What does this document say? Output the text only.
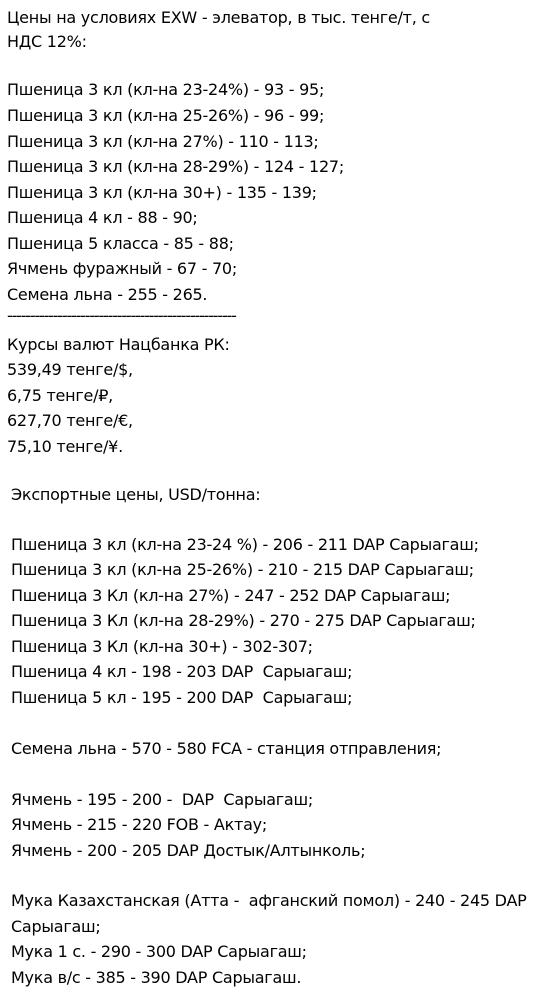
Цены на условиях EXW - элеватор, в тыс. тенге/т, с
НДС 12%:
Пшеница 3 кл (кл-на 23-24%) - 93 - 95;
Пшеница 3 кл (кл-на 25-26%) - 96 - 99;
Пшеница 3 кл (кл-на 27%) - 110 - 113;
Пшеница 3 кл (кл-на 28-29%) - 124 - 127;
Пшеница 3 кл (кл-на 30+) - 135 - 139;
Пшеница 4 кл - 88 - 90;
Пшеница 5 класса - 85 - 88;
Ячмень фуражный - 67 - 70;
Семена льна - 255 - 265.
--------------------------------------------------
Курсы валют Нацбанка РК:
539,49 тенге/$,
6,75 тенге/₽,
627,70 тенге/€,
75,10 тенге/¥.
Экспортные цены, USD/тонна:
Пшеница 3 кл (кл-на 23-24 %) - 206 - 211 DAP Сарыагаш;
Пшеница 3 кл (кл-на 25-26%) - 210 - 215 DAP Сарыагаш;
Пшеница 3 Кл (кл-на 27%) - 247 - 252 DAP Сарыагаш;
Пшеница 3 Кл (кл-на 28-29%) - 270 - 275 DAP Сарыагаш;
Пшеница 3 Кл (кл-на 30+) - 302-307;
Пшеница 4 кл - 198 - 203 DAP  Сарыагаш;
Пшеница 5 кл - 195 - 200 DAP  Сарыагаш;
Семена льна - 570 - 580 FCA - станция отправления;
Ячмень - 195 - 200 -  DAP  Сарыагаш;
Ячмень - 215 - 220 FOB - Актау;
Ячмень - 200 - 205 DAP Достык/Алтынколь;
Мука Казахстанская (Атта -  афганский помол) - 240 - 245 DAP
Сарыагаш;
Мука 1 с. - 290 - 300 DAP Сарыагаш;
Мука в/с - 385 - 390 DAP Сарыагаш.
